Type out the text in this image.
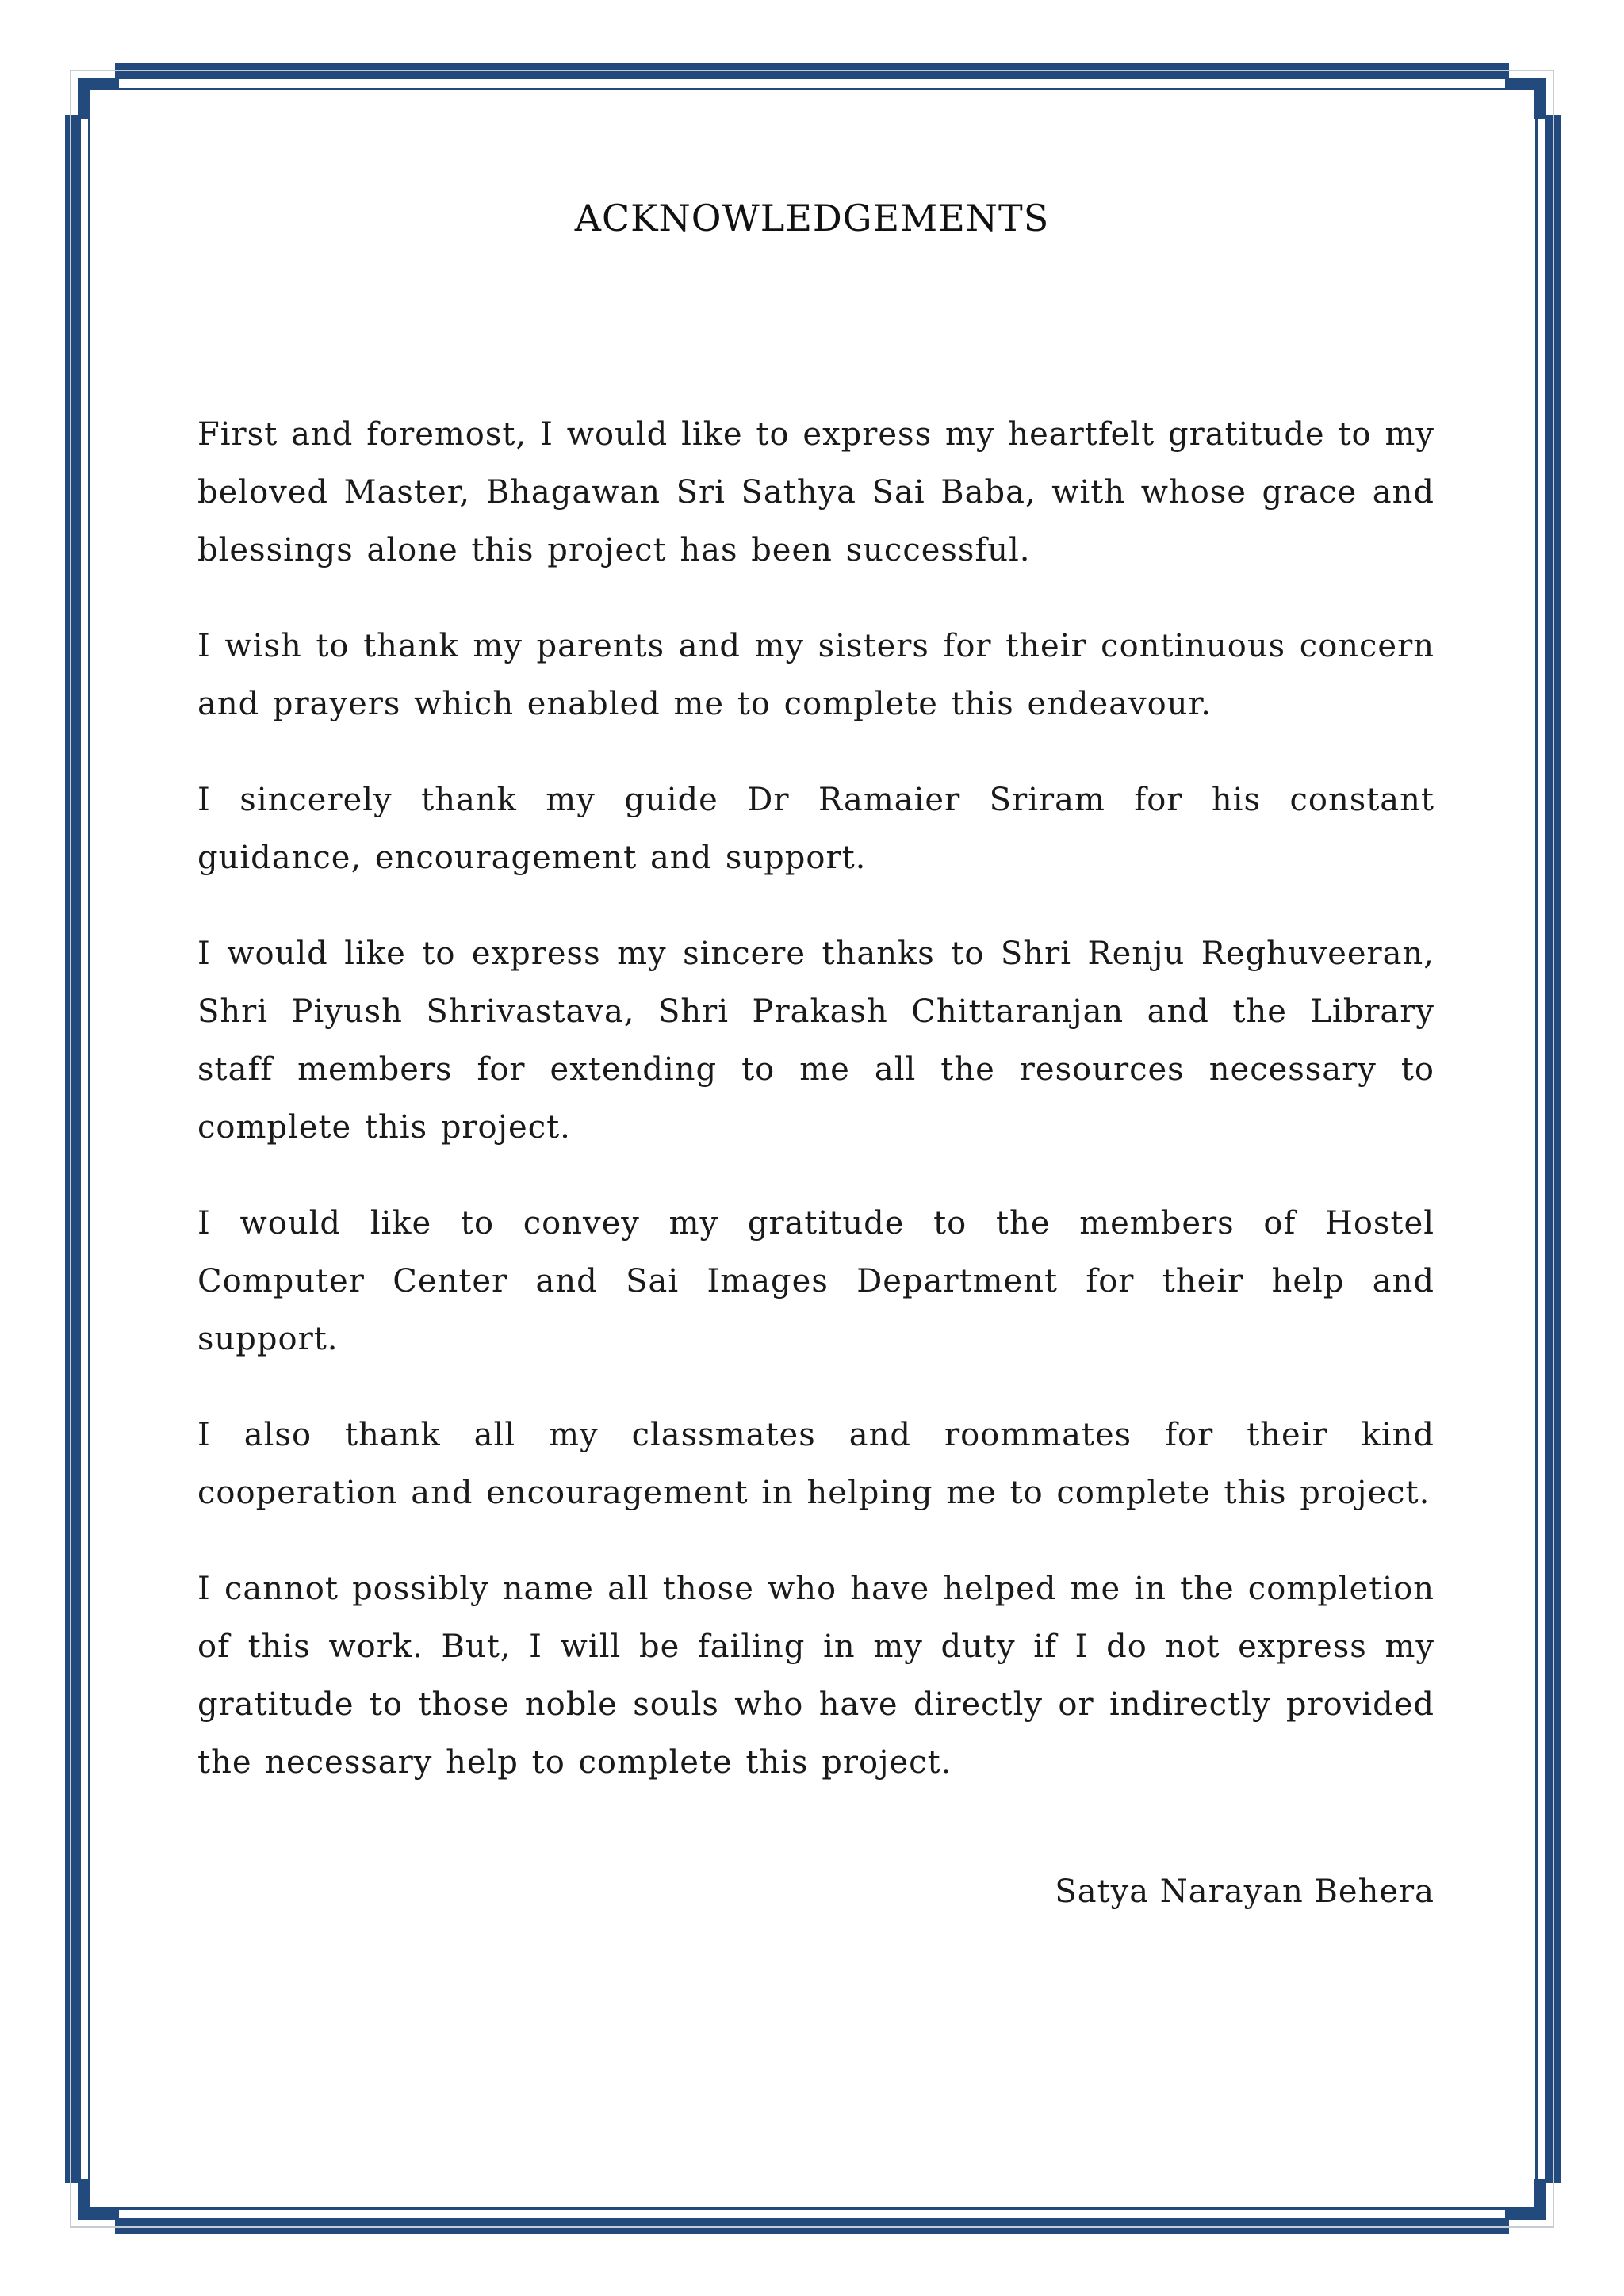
ACKNOWLEDGEMENTS

First and foremost, I would like to express my heartfelt gratitude to my beloved Master, Bhagawan Sri Sathya Sai Baba, with whose grace and blessings alone this project has been successful.

I wish to thank my parents and my sisters for their continuous concern and prayers which enabled me to complete this endeavour.

I sincerely thank my guide Dr Ramaier Sriram for his constant guidance, encouragement and support.

I would like to express my sincere thanks to Shri Renju Reghuveeran, Shri Piyush Shrivastava, Shri Prakash Chittaranjan and the Library staff members for extending to me all the resources necessary to complete this project.

I would like to convey my gratitude to the members of Hostel Computer Center and Sai Images Department for their help and support.

I also thank all my classmates and roommates for their kind cooperation and encouragement in helping me to complete this project.

I cannot possibly name all those who have helped me in the completion of this work. But, I will be failing in my duty if I do not express my gratitude to those noble souls who have directly or indirectly provided the necessary help to complete this project.

Satya Narayan Behera
